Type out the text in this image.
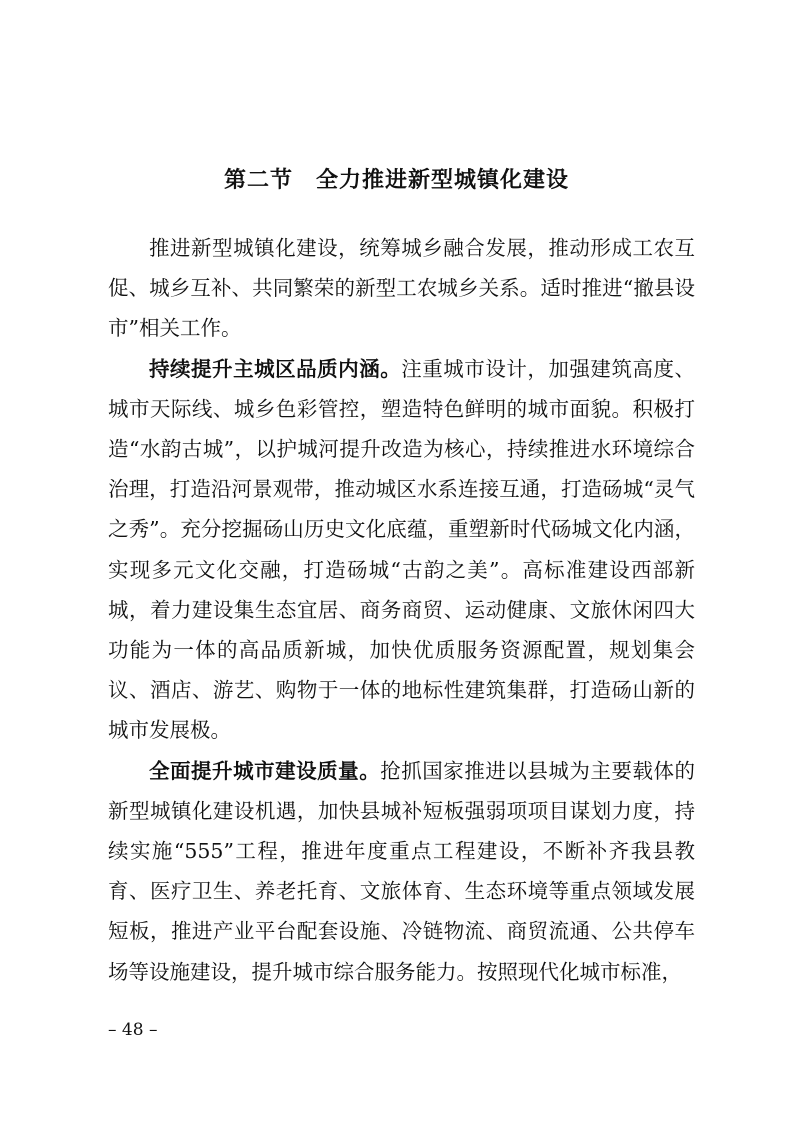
第二节　全力推进新型城镇化建设

推进新型城镇化建设，统筹城乡融合发展，推动形成工农互促、城乡互补、共同繁荣的新型工农城乡关系。适时推进“撤县设市”相关工作。

持续提升主城区品质内涵。注重城市设计，加强建筑高度、城市天际线、城乡色彩管控，塑造特色鲜明的城市面貌。积极打造“水韵古城”，以护城河提升改造为核心，持续推进水环境综合治理，打造沿河景观带，推动城区水系连接互通，打造砀城“灵气之秀”。充分挖掘砀山历史文化底蕴，重塑新时代砀城文化内涵，实现多元文化交融，打造砀城“古韵之美”。高标准建设西部新城，着力建设集生态宜居、商务商贸、运动健康、文旅休闲四大功能为一体的高品质新城，加快优质服务资源配置，规划集会议、酒店、游艺、购物于一体的地标性建筑集群，打造砀山新的城市发展极。

全面提升城市建设质量。抢抓国家推进以县城为主要载体的新型城镇化建设机遇，加快县城补短板强弱项项目谋划力度，持续实施“555”工程，推进年度重点工程建设，不断补齐我县教育、医疗卫生、养老托育、文旅体育、生态环境等重点领域发展短板，推进产业平台配套设施、冷链物流、商贸流通、公共停车场等设施建设，提升城市综合服务能力。按照现代化城市标准，

– 48 –
